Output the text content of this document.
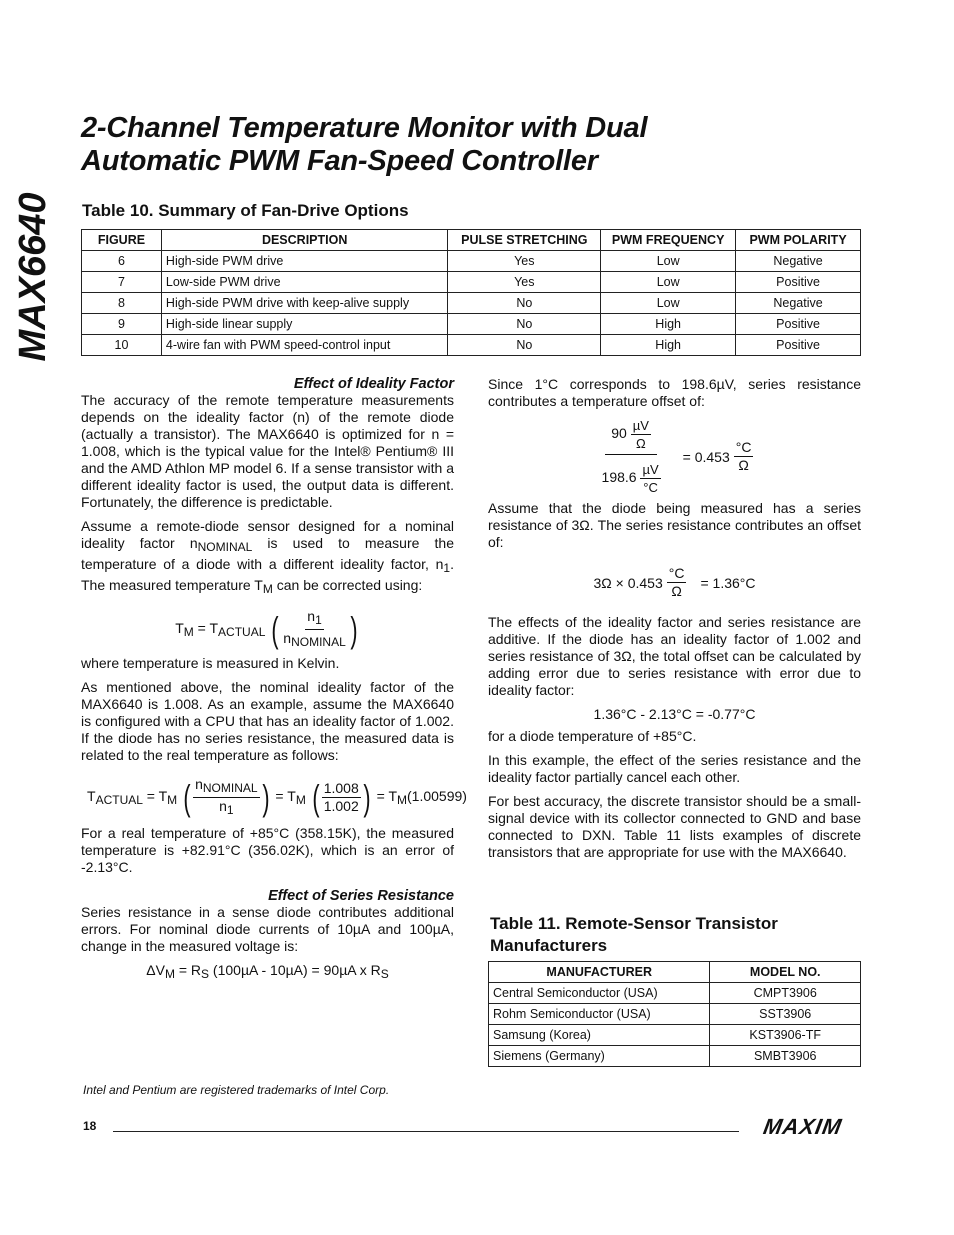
MAX6640
2-Channel Temperature Monitor with Dual
Automatic PWM Fan-Speed Controller
Table 10. Summary of Fan-Drive Options
FIGURE	DESCRIPTION	PULSE STRETCHING	PWM FREQUENCY	PWM POLARITY
6	High-side PWM drive	Yes	Low	Negative
7	Low-side PWM drive	Yes	Low	Positive
8	High-side PWM drive with keep-alive supply	No	Low	Negative
9	High-side linear supply	No	High	Positive
10	4-wire fan with PWM speed-control input	No	High	Positive
Effect of Ideality Factor

The accuracy of the remote temperature measurements depends on the ideality factor (n) of the remote diode (actually a transistor). The MAX6640 is optimized for n = 1.008, which is the typical value for the Intel® Pentium® III and the AMD Athlon MP model 6. If a sense transistor with a different ideality factor is used, the output data is different. Fortunately, the difference is predictable.

Assume a remote-diode sensor designed for a nominal ideality factor $n_{NOMINAL}$ is used to measure the temperature of a diode with a different ideality factor, $n_1$. The measured temperature $T_M$ can be corrected using:

$T_M = T_{ACTUAL}$ ( $\frac{n_1}{n_{NOMINAL}}$ )

where temperature is measured in Kelvin.

As mentioned above, the nominal ideality factor of the MAX6640 is 1.008. As an example, assume the MAX6640 is configured with a CPU that has an ideality factor of 1.002. If the diode has no series resistance, the measured data is related to the real temperature as follows:

$T_{ACTUAL} = T_M$ ( $\frac{n_{NOMINAL}}{n_1}$ ) = $T_M$ ( $\frac{1.008}{1.002}$ ) = $T_M(1.00599)$

For a real temperature of +85°C (358.15K), the measured temperature is +82.91°C (356.02K), which is an error of -2.13°C.

Effect of Series Resistance

Series resistance in a sense diode contributes additional errors. For nominal diode currents of 10µA and 100µA, change in the measured voltage is:

$\Delta V_M = R_S$ (100µA - 10µA) = 90µA x $R_S$

Since 1°C corresponds to 198.6µV, series resistance contributes a temperature offset of:

$\frac{90 \frac{\text{µV}}{\Omega}}{198.6 \frac{\text{µV}}{^\circ C}} = 0.453 \frac{^\circ C}{\Omega}$

Assume that the diode being measured has a series resistance of 3Ω. The series resistance contributes an offset of:

$3\Omega \times 0.453 \frac{^\circ C}{\Omega} = 1.36^\circ C$

The effects of the ideality factor and series resistance are additive. If the diode has an ideality factor of 1.002 and series resistance of 3Ω, the total offset can be calculated by adding error due to series resistance with error due to ideality factor:

1.36°C - 2.13°C = -0.77°C

for a diode temperature of +85°C.

In this example, the effect of the series resistance and the ideality factor partially cancel each other.

For best accuracy, the discrete transistor should be a small-signal device with its collector connected to GND and base connected to DXN. Table 11 lists examples of discrete transistors that are appropriate for use with the MAX6640.

Table 11. Remote-Sensor Transistor
Manufacturers
MANUFACTURER	MODEL NO.
Central Semiconductor (USA)	CMPT3906
Rohm Semiconductor (USA)	SST3906
Samsung (Korea)	KST3906-TF
Siemens (Germany)	SMBT3906
Intel and Pentium are registered trademarks of Intel Corp.
18	MAXIM
